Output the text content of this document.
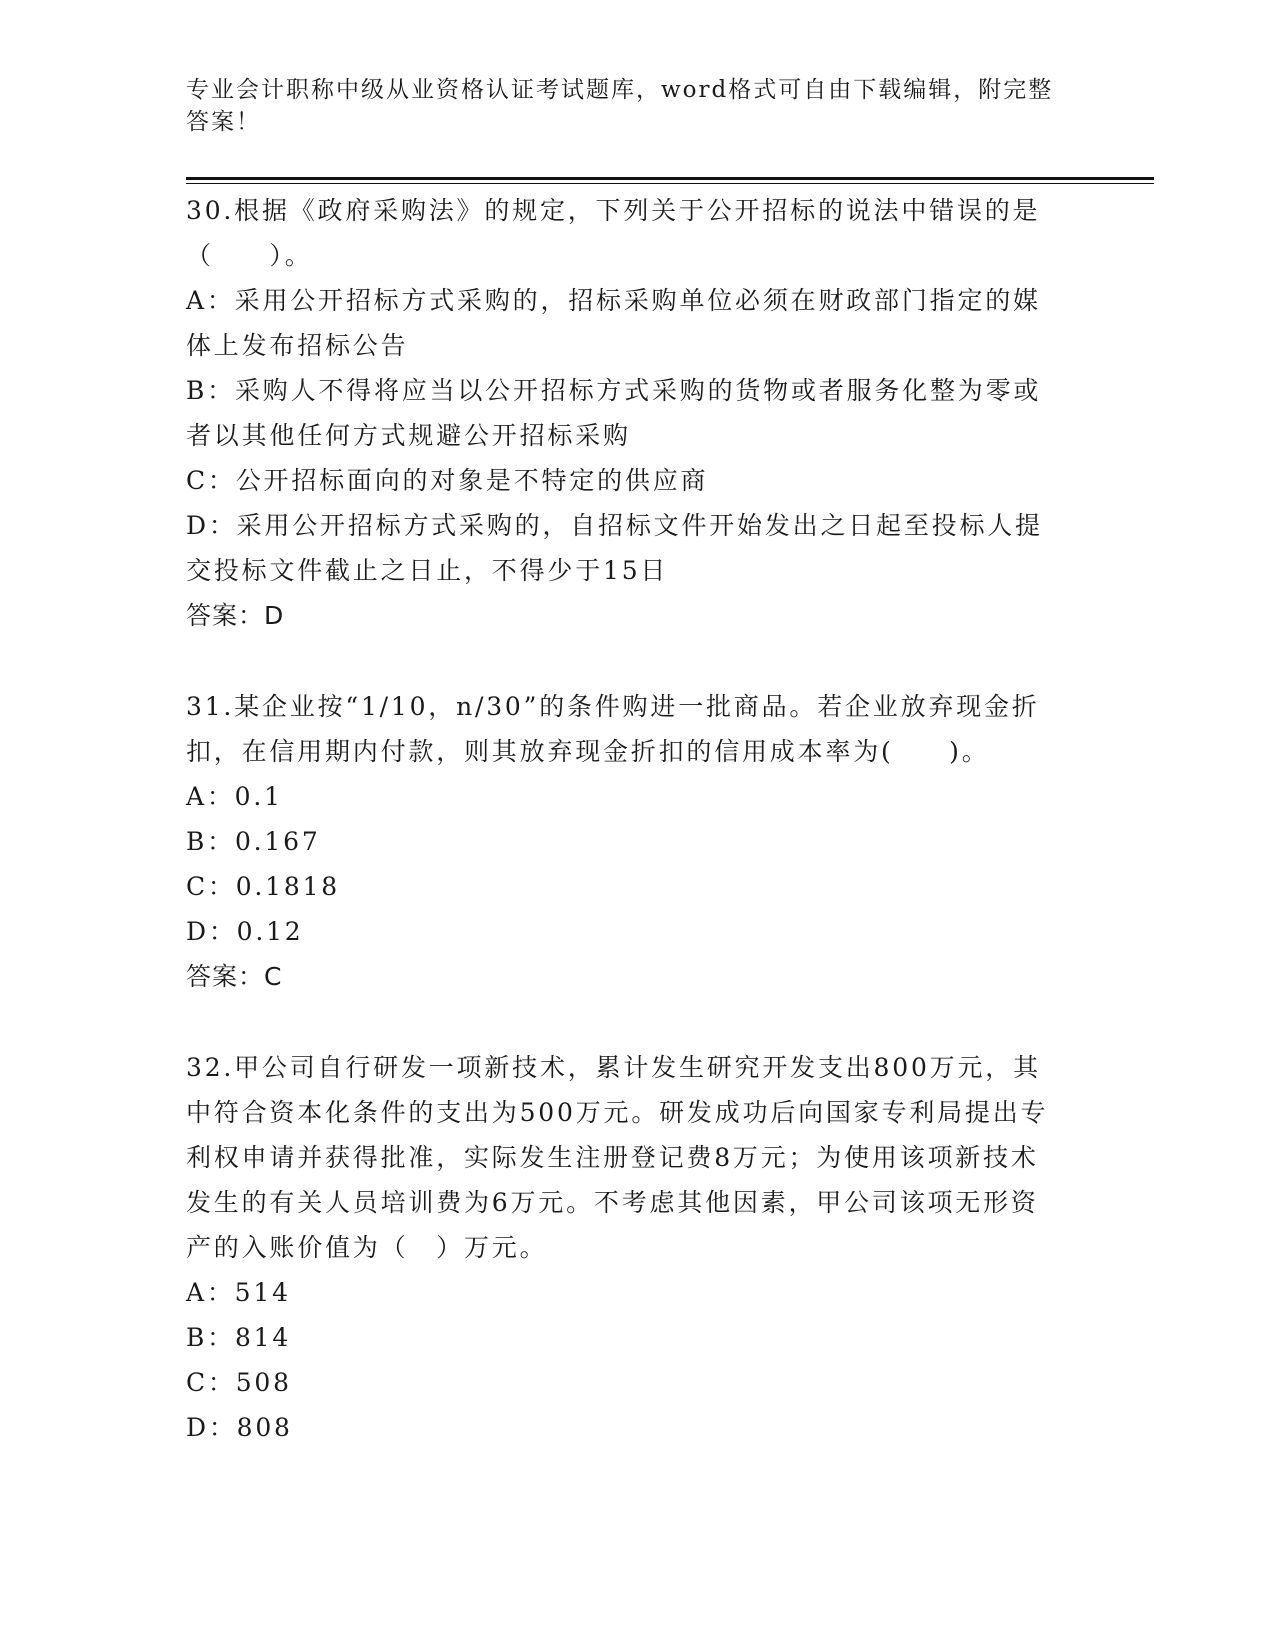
专业会计职称中级从业资格认证考试题库，word格式可自由下载编辑，附完整答案！

30.根据《政府采购法》的规定，下列关于公开招标的说法中错误的是（　　）。

A：采用公开招标方式采购的，招标采购单位必须在财政部门指定的媒体上发布招标公告

B：采购人不得将应当以公开招标方式采购的货物或者服务化整为零或者以其他任何方式规避公开招标采购

C：公开招标面向的对象是不特定的供应商

D：采用公开招标方式采购的，自招标文件开始发出之日起至投标人提交投标文件截止之日止，不得少于15日

答案：D

31.某企业按“1/10，n/30”的条件购进一批商品。若企业放弃现金折扣，在信用期内付款，则其放弃现金折扣的信用成本率为(　　)。

A：0.1

B：0.167

C：0.1818

D：0.12

答案：C

32.甲公司自行研发一项新技术，累计发生研究开发支出800万元，其中符合资本化条件的支出为500万元。研发成功后向国家专利局提出专利权申请并获得批准，实际发生注册登记费8万元；为使用该项新技术发生的有关人员培训费为6万元。不考虑其他因素，甲公司该项无形资产的入账价值为（　）万元。

A：514

B：814

C：508

D：808
